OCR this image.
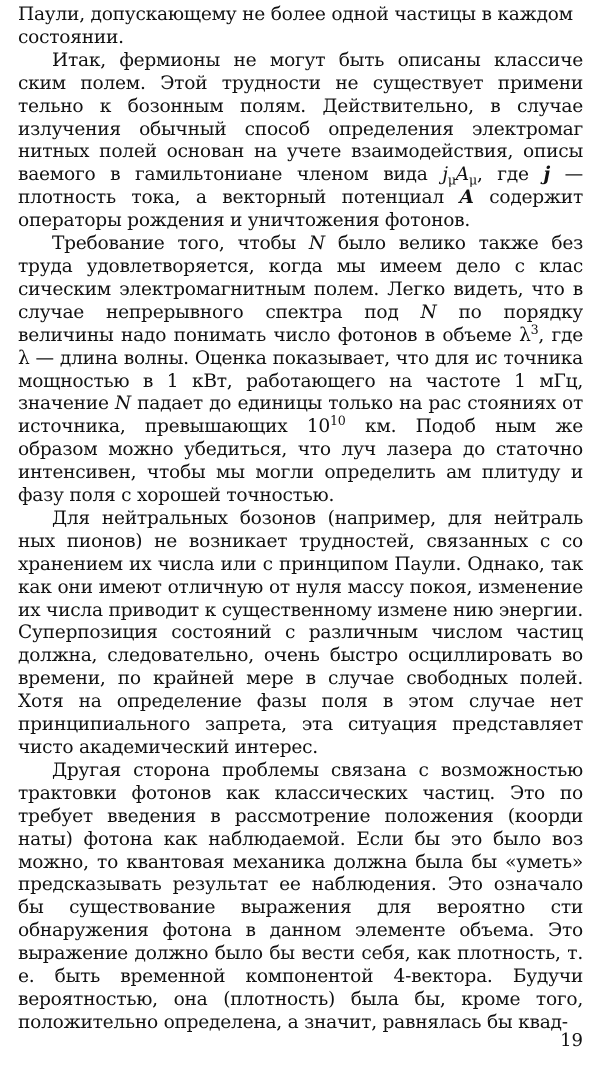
Паули, допускающему не более одной частицы в каждом
состоянии.

Итак, фермионы не могут быть описаны классиче ским полем. Этой трудности не существует примени тельно к бозонным полям. Действительно, в случае излучения обычный способ определения электромаг нитных полей основан на учете взаимодействия, описы ваемого в гамильтониане членом вида $j_\mu A_\mu$, где j — плотность тока, а векторный потенциал A содержит операторы рождения и уничтожения фотонов.

Требование того, чтобы N было велико также без труда удовлетворяется, когда мы имеем дело с клас сическим электромагнитным полем. Легко видеть, что в случае непрерывного спектра под N по порядку величины надо понимать число фотонов в объеме $\lambda^3$, где λ — длина волны. Оценка показывает, что для ис точника мощностью в 1 кВт, работающего на частоте 1 мГц, значение N падает до единицы только на рас стояниях от источника, превышающих $10^{10}$ км. Подоб ным же образом можно убедиться, что луч лазера до статочно интенсивен, чтобы мы могли определить ам плитуду и фазу поля с хорошей точностью.

Для нейтральных бозонов (например, для нейтраль ных пионов) не возникает трудностей, связанных с со хранением их числа или с принципом Паули. Однако, так как они имеют отличную от нуля массу покоя, изменение их числа приводит к существенному измене нию энергии. Суперпозиция состояний с различным числом частиц должна, следовательно, очень быстро осциллировать во времени, по крайней мере в случае свободных полей. Хотя на определение фазы поля в этом случае нет принципиального запрета, эта ситуация представляет чисто академический интерес.

Другая сторона проблемы связана с возможностью трактовки фотонов как классических частиц. Это по требует введения в рассмотрение положения (коорди наты) фотона как наблюдаемой. Если бы это было воз можно, то квантовая механика должна была бы «уметь» предсказывать результат ее наблюдения. Это означало бы существование выражения для вероятно сти обнаружения фотона в данном элементе объема. Это выражение должно было бы вести себя, как плотность, т. е. быть временной компонентой 4-вектора. Будучи вероятностью, она (плотность) была бы, кроме того, положительно определена, а значит, равнялась бы квад-

19
